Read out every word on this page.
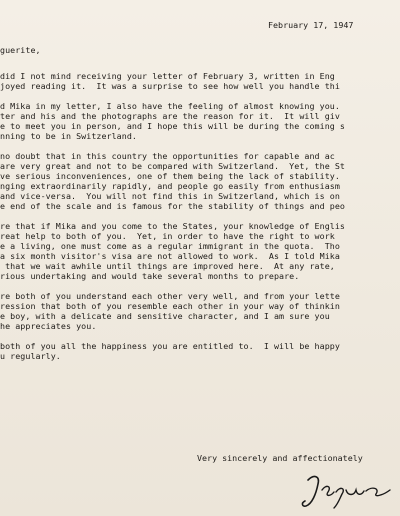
February 17, 1947
guerite,
did I not mind receiving your letter of February 3, written in Eng
joyed reading it.  It was a surprise to see how well you handle thi
d Mika in my letter, I also have the feeling of almost knowing you.
ter and his and the photographs are the reason for it.  It will giv
e to meet you in person, and I hope this will be during the coming s
nning to be in Switzerland.
no doubt that in this country the opportunities for capable and ac
are very great and not to be compared with Switzerland.  Yet, the St
ve serious inconveniences, one of them being the lack of stability.
nging extraordinarily rapidly, and people go easily from enthusiasm
and vice-versa.  You will not find this in Switzerland, which is on
e end of the scale and is famous for the stability of things and peo
re that if Mika and you come to the States, your knowledge of Englis
reat help to both of you.  Yet, in order to have the right to work
e a living, one must come as a regular immigrant in the quota.  Tho
a six month visitor's visa are not allowed to work.  As I told Mika
that we wait awhile until things are improved here.  At any rate,
rious undertaking and would take several months to prepare.
re both of you understand each other very well, and from your lette
ression that both of you resemble each other in your way of thinkin
e boy, with a delicate and sensitive character, and I am sure you
he appreciates you.
both of you all the happiness you are entitled to.  I will be happy
u regularly.
Very sincerely and affectionately
